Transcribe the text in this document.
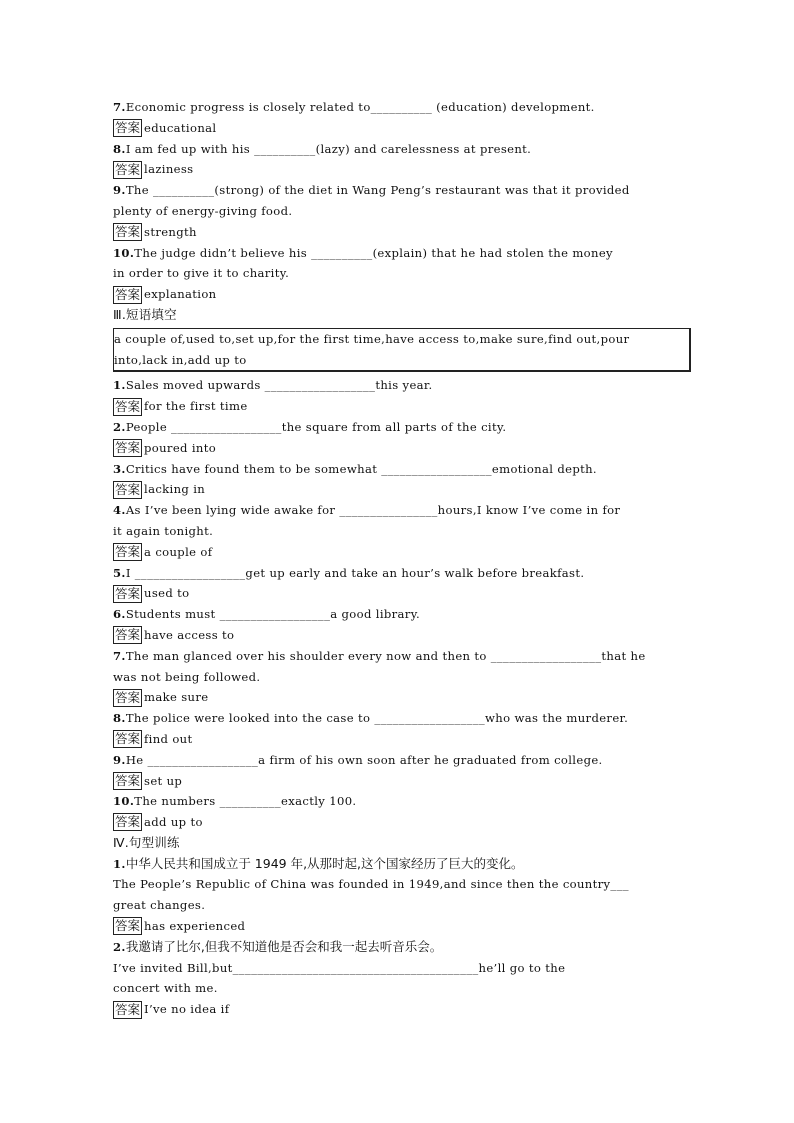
7.Economic progress is closely related to__________ (education) development.
答案 educational
8.I am fed up with his __________(lazy) and carelessness at present.
答案 laziness
9.The __________(strong) of the diet in Wang Peng’s restaurant was that it provided
plenty of energy-giving food.
答案 strength
10.The judge didn’t believe his __________(explain) that he had stolen the money
in order to give it to charity.
答案 explanation
Ⅲ.短语填空
a couple of,used to,set up,for the first time,have access to,make sure,find out,pour
into,lack in,add up to
1.Sales moved upwards __________________this year.
答案 for the first time
2.People __________________the square from all parts of the city.
答案 poured into
3.Critics have found them to be somewhat __________________emotional depth.
答案 lacking in
4.As I’ve been lying wide awake for ________________hours,I know I’ve come in for
it again tonight.
答案 a couple of
5.I __________________get up early and take an hour’s walk before breakfast.
答案 used to
6.Students must __________________a good library.
答案 have access to
7.The man glanced over his shoulder every now and then to __________________that he
was not being followed.
答案 make sure
8.The police were looked into the case to __________________who was the murderer.
答案 find out
9.He __________________a firm of his own soon after he graduated from college.
答案 set up
10.The numbers __________exactly 100.
答案 add up to
Ⅳ.句型训练
1.中华人民共和国成立于 1949 年,从那时起,这个国家经历了巨大的变化。
The People’s Republic of China was founded in 1949,and since then the country___
great changes.
答案 has experienced
2.我邀请了比尔,但我不知道他是否会和我一起去听音乐会。
I’ve invited Bill,but________________________________________he’ll go to the
concert with me.
答案 I’ve no idea if
